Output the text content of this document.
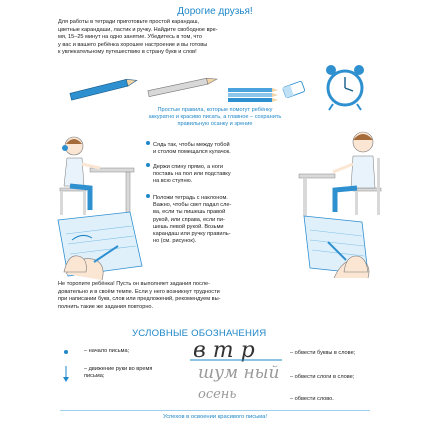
Дорогие друзья!
Для работы в тетради приготовьте простой карандаш,
цветные карандаши, ластик и ручку. Найдите свободное вре-
мя, 15–25 минут на одно занятие. Убедитесь в том, что
у вас и вашего ребёнка хорошее настроение и вы готовы
к увлекательному путешествию в страну букв и слов!
Простые правила, которые помогут ребёнку
аккуратно и красиво писать, а главное – сохранить
правильную осанку и зрение
Сядь так, чтобы между тобой
и столом помещался кулачок.
Держи спину прямо, а ноги
поставь на пол или подставку
на всю ступню.
Положи тетрадь с наклоном.
Важно, чтобы свет падал сле-
ва, если ты пишешь правой
рукой, или справа, если пи-
шешь левой рукой. Возьми
карандаш или ручку правиль-
но (см. рисунок).
Не торопите ребёнка! Пусть он выполняет задания после-
довательно и в своём темпе. Если у него возникнут трудности
при написании букв, слов или предложений, рекомендуем вы-
полнить такие же задания повторно.
УСЛОВНЫЕ ОБОЗНАЧЕНИЯ
– начало письма;
– движение руки во время письма;
в т р
шум ный
осень
– обвести буквы в слове;
– обвести слоги в слове;
– обвести слово.
Успехов в освоении красивого письма!
